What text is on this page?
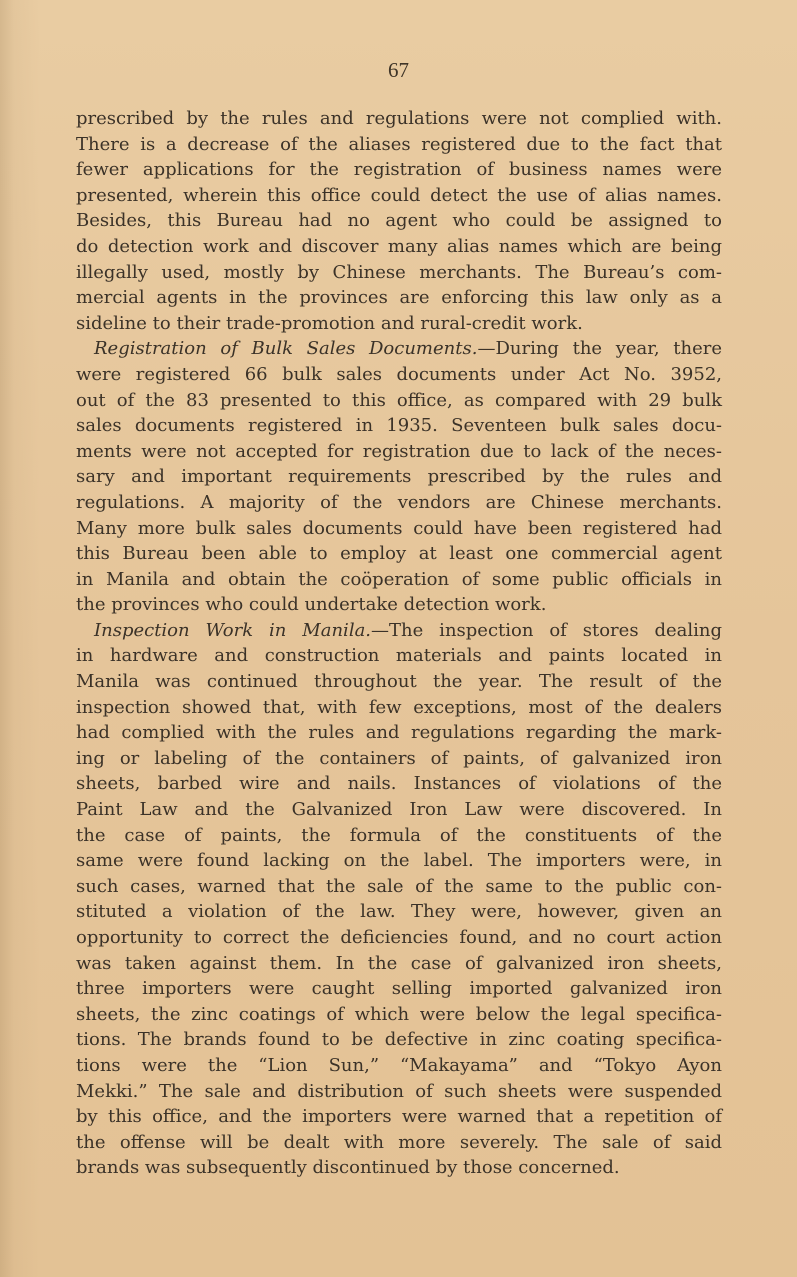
67
prescribed by the rules and regulations were not complied with.
There is a decrease of the aliases registered due to the fact that
fewer applications for the registration of business names were
presented, wherein this office could detect the use of alias names.
Besides, this Bureau had no agent who could be assigned to
do detection work and discover many alias names which are being
illegally used, mostly by Chinese merchants. The Bureau’s com-
mercial agents in the provinces are enforcing this law only as a
sideline to their trade-promotion and rural-credit work.
Registration of Bulk Sales Documents.—During the year, there
were registered 66 bulk sales documents under Act No. 3952,
out of the 83 presented to this office, as compared with 29 bulk
sales documents registered in 1935. Seventeen bulk sales docu-
ments were not accepted for registration due to lack of the neces-
sary and important requirements prescribed by the rules and
regulations. A majority of the vendors are Chinese merchants.
Many more bulk sales documents could have been registered had
this Bureau been able to employ at least one commercial agent
in Manila and obtain the coöperation of some public officials in
the provinces who could undertake detection work.
Inspection Work in Manila.—The inspection of stores dealing
in hardware and construction materials and paints located in
Manila was continued throughout the year. The result of the
inspection showed that, with few exceptions, most of the dealers
had complied with the rules and regulations regarding the mark-
ing or labeling of the containers of paints, of galvanized iron
sheets, barbed wire and nails. Instances of violations of the
Paint Law and the Galvanized Iron Law were discovered. In
the case of paints, the formula of the constituents of the
same were found lacking on the label. The importers were, in
such cases, warned that the sale of the same to the public con-
stituted a violation of the law. They were, however, given an
opportunity to correct the deficiencies found, and no court action
was taken against them. In the case of galvanized iron sheets,
three importers were caught selling imported galvanized iron
sheets, the zinc coatings of which were below the legal specifica-
tions. The brands found to be defective in zinc coating specifica-
tions were the “Lion Sun,” “Makayama” and “Tokyo Ayon
Mekki.” The sale and distribution of such sheets were suspended
by this office, and the importers were warned that a repetition of
the offense will be dealt with more severely. The sale of said
brands was subsequently discontinued by those concerned.
